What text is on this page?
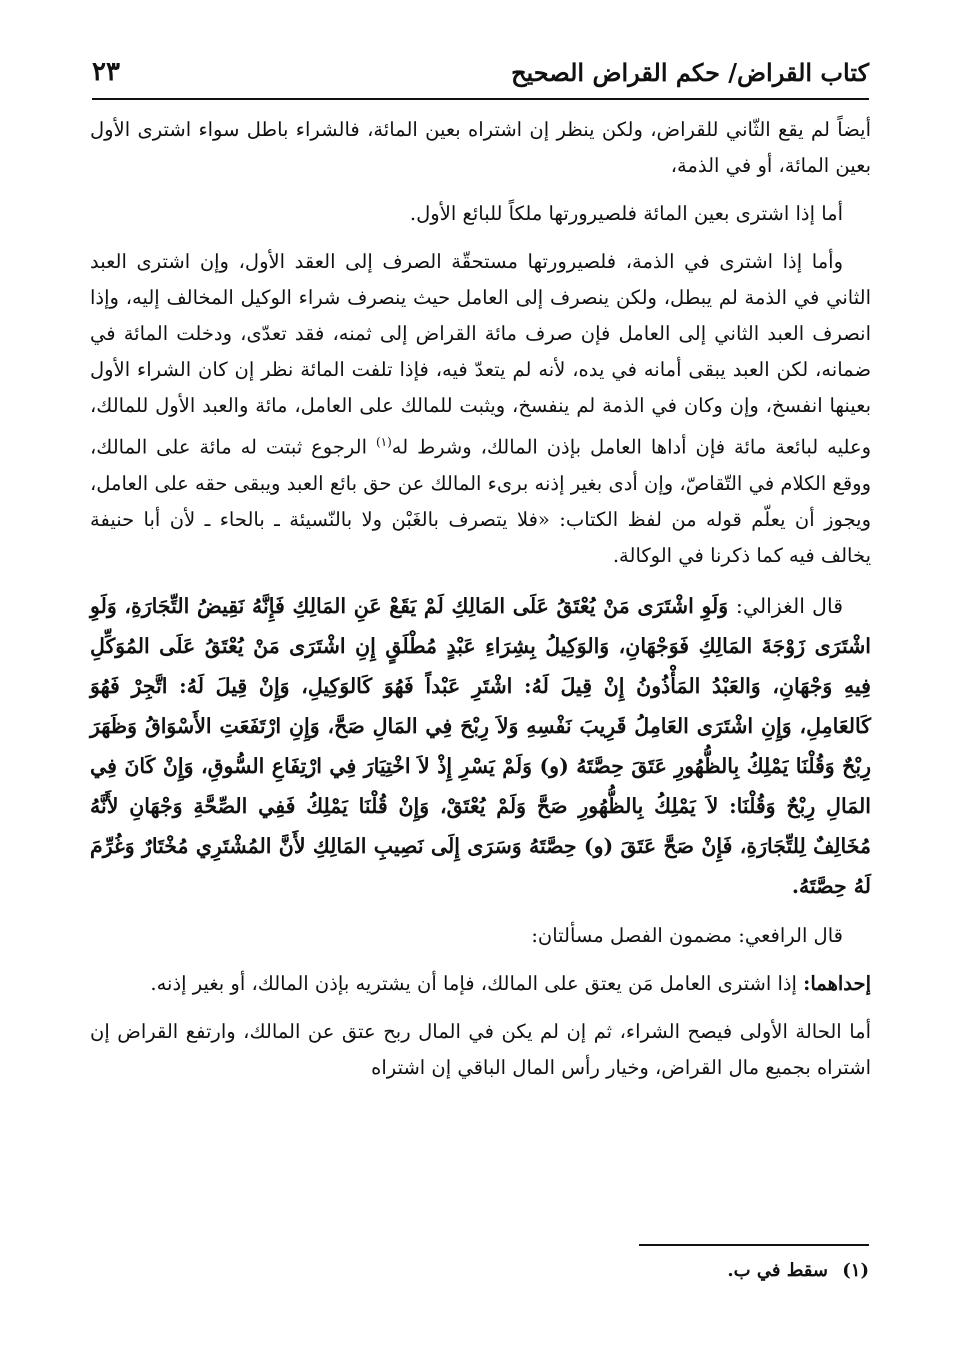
كتاب القراض/ حكم القراض الصحيح
٢٣

أيضاً لم يقع الثّاني للقراض، ولكن ينظر إن اشتراه بعين المائة، فالشراء باطل سواء اشترى الأول بعين المائة، أو في الذمة،

أما إذا اشترى بعين المائة فلصيرورتها ملكاً للبائع الأول.

وأما إذا اشترى في الذمة، فلصيرورتها مستحقّة الصرف إلى العقد الأول، وإن اشترى العبد الثاني في الذمة لم يبطل، ولكن ينصرف إلى العامل حيث ينصرف شراء الوكيل المخالف إليه، وإذا انصرف العبد الثاني إلى العامل فإن صرف مائة القراض إلى ثمنه، فقد تعدّى، ودخلت المائة في ضمانه، لكن العبد يبقى أمانه في يده، لأنه لم يتعدّ فيه، فإذا تلفت المائة نظر إن كان الشراء الأول بعينها انفسخ، وإن وكان في الذمة لم ينفسخ، ويثبت للمالك على العامل، مائة والعبد الأول للمالك، وعليه لبائعة مائة فإن أداها العامل بإذن المالك، وشرط له$^{(١)}$ الرجوع ثبتت له مائة على المالك، ووقع الكلام في التّقاصّ، وإن أدى بغير إذنه برىء المالك عن حق بائع العبد ويبقى حقه على العامل، ويجوز أن يعلّم قوله من لفظ الكتاب: «فلا يتصرف بالغَبْن ولا بالنّسيئة ـ بالحاء ـ لأن أبا حنيفة يخالف فيه كما ذكرنا في الوكالة.

قال الغزالي: وَلَوِ اشْتَرَى مَنْ يُعْتَقُ عَلَى المَالِكِ لَمْ يَقَعْ عَنِ المَالِكِ فَإِنَّهُ نَقِيضُ التِّجَارَةِ، وَلَوِ اشْتَرَى زَوْجَةَ المَالِكِ فَوَجْهَانِ، وَالوَكِيلُ بِشِرَاءِ عَبْدٍ مُطْلَقٍ إِنِ اشْتَرَى مَنْ يُعْتَقُ عَلَى المُوَكِّلِ فِيهِ وَجْهَانِ، وَالعَبْدُ المَأْذُونُ إِنْ قِيلَ لَهُ: اشْتَرِ عَبْداً فَهُوَ كَالوَكِيلِ، وَإِنْ قِيلَ لَهُ: اتَّجِرْ فَهُوَ كَالعَامِلِ، وَإِنِ اشْتَرَى العَامِلُ قَرِيبَ نَفْسِهِ وَلاَ رِبْحَ فِي المَالِ صَحَّ، وَإِنِ ارْتَفَعَتِ الأَسْوَاقُ وَظَهَرَ رِبْحٌ وَقُلْنَا يَمْلِكُ بِالظُّهُورِ عَتَقَ حِصَّتَهُ (و) وَلَمْ يَسْرِ إِذْ لاَ اخْتِيَارَ فِي ارْتِفَاعِ السُّوقِ، وَإِنْ كَانَ فِي المَالِ رِبْحٌ وَقُلْنَا: لاَ يَمْلِكُ بِالظُّهُورِ صَحَّ وَلَمْ يُعْتَقْ، وَإِنْ قُلْنَا يَمْلِكُ فَفِي الصِّحَّةِ وَجْهَانِ لأَنَّهُ مُخَالِفٌ لِلتِّجَارَةِ، فَإِنْ صَحَّ عَتَقَ (و) حِصَّتَهُ وَسَرَى إِلَى نَصِيبِ المَالِكِ لأَنَّ المُشْتَرِي مُخْتَارٌ وَغُرِّمَ لَهُ حِصَّتَهُ.

قال الرافعي: مضمون الفصل مسألتان:

إحداهما: إذا اشترى العامل مَن يعتق على المالك، فإما أن يشتريه بإذن المالك، أو بغير إذنه.

أما الحالة الأولى فيصح الشراء، ثم إن لم يكن في المال ربح عتق عن المالك، وارتفع القراض إن اشتراه بجميع مال القراض، وخيار رأس المال الباقي إن اشتراه

(١) سقط في ب.
